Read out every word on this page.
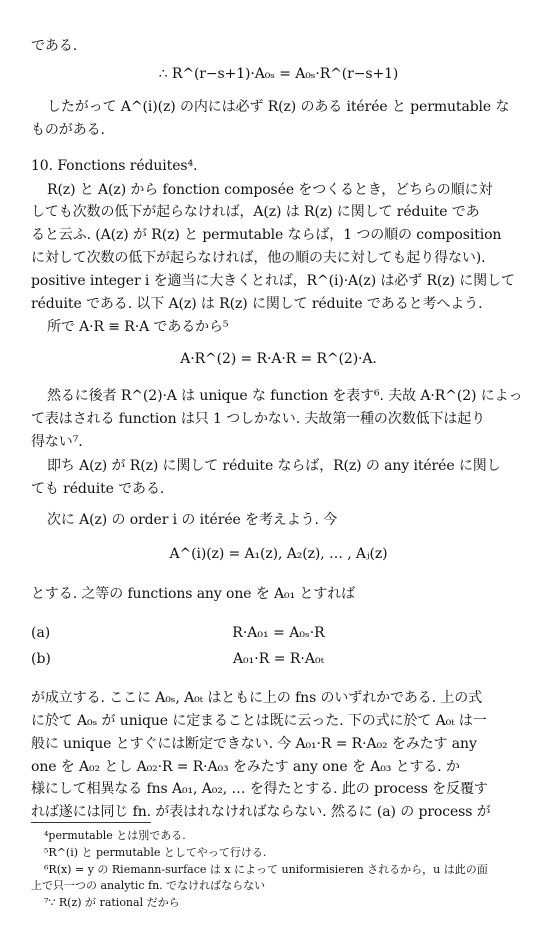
である.
∴ R^(r−s+1)·A₀ₛ = A₀ₛ·R^(r−s+1)
したがって A^(i)(z) の内には必ず R(z) のある itérée と permutable な
ものがある.
10. Fonctions réduites⁴.
R(z) と A(z) から fonction composée をつくるとき，どちらの順に対
しても次数の低下が起らなければ，A(z) は R(z) に関して réduite であ
ると云ふ. (A(z) が R(z) と permutable ならば，1 つの順の composition
に対して次数の低下が起らなければ，他の順の夫に対しても起り得ない).
positive integer i を適当に大きくとれば，R^(i)·A(z) は必ず R(z) に関して
réduite である. 以下 A(z) は R(z) に関して réduite であると考へよう.
所で A·R ≡ R·A であるから⁵
A·R^(2) = R·A·R = R^(2)·A.
然るに後者 R^(2)·A は unique な function を表す⁶. 夫故 A·R^(2) によっ
て表はされる function は只 1 つしかない. 夫故第一種の次数低下は起り
得ない⁷.
即ち A(z) が R(z) に関して réduite ならば，R(z) の any itérée に関し
ても réduite である.
次に A(z) の order i の itérée を考えよう. 今
A^(i)(z) = A₁(z), A₂(z), … , Aⱼ(z)
とする. 之等の functions any one を A₀₁ とすれば
(a)	R·A₀₁ = A₀ₛ·R
(b)	A₀₁·R = R·A₀ₜ
が成立する. ここに A₀ₛ, A₀ₜ はともに上の fns のいずれかである. 上の式
に於て A₀ₛ が unique に定まることは既に云った. 下の式に於て A₀ₜ は一
般に unique とすぐには断定できない. 今 A₀₁·R = R·A₀₂ をみたす any
one を A₀₂ とし A₀₂·R = R·A₀₃ をみたす any one を A₀₃ とする. か
様にして相異なる fns A₀₁, A₀₂, … を得たとする. 此の process を反覆す
れば遂には同じ fn. が表はれなければならない. 然るに (a) の process が
⁴permutable とは別である.
⁵R^(i) と permutable としてやって行ける.
⁶R(x) = y の Riemann-surface は x によって uniformisieren されるから，u は此の面
上で只一つの analytic fn. でなければならない
⁷∵ R(z) が rational だから
